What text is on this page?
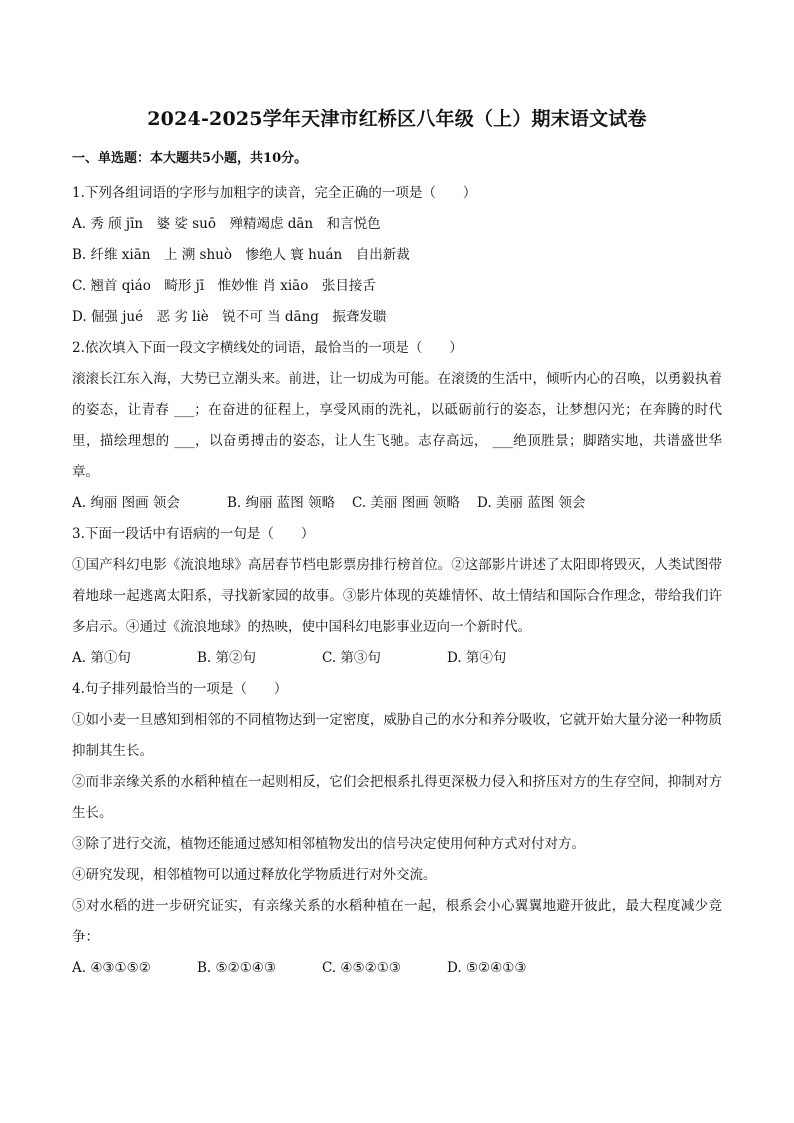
2024-2025学年天津市红桥区八年级（上）期末语文试卷
一、单选题：本大题共5小题，共10分。

1.下列各组词语的字形与加粗字的读音，完全正确的一项是（　　）

A. 秀 颀 jīn　婆 娑 suō　殚精竭虑 dān　和言悦色

B. 纤维 xiān　上 溯 shuò　惨绝人 寰 huán　自出新裁

C. 翘首 qiáo　畸形 jī　惟妙惟 肖 xiāo　张目接舌

D. 倔强 jué　恶 劣 liè　锐不可 当 dāng　振聋发聩

2.依次填入下面一段文字横线处的词语，最恰当的一项是（　　）

滚滚长江东入海，大势已立潮头来。前进，让一切成为可能。在滚烫的生活中，倾听内心的召唤，以勇毅执着的姿态，让青春 ___；在奋进的征程上，享受风雨的洗礼，以砥砺前行的姿态，让梦想闪光；在奔腾的时代里，描绘理想的 ___，以奋勇搏击的姿态，让人生飞驰。志存高远， ___绝顶胜景；脚踏实地，共谱盛世华章。

A. 绚丽 图画 领会	B. 绚丽 蓝图 领略	C. 美丽 图画 领略	D. 美丽 蓝图 领会

3.下面一段话中有语病的一句是（　　）

①国产科幻电影《流浪地球》高居春节档电影票房排行榜首位。②这部影片讲述了太阳即将毁灭，人类试图带着地球一起逃离太阳系，寻找新家园的故事。③影片体现的英雄情怀、故土情结和国际合作理念，带给我们许多启示。④通过《流浪地球》的热映，使中国科幻电影事业迈向一个新时代。

A. 第①句	B. 第②句	C. 第③句	D. 第④句

4.句子排列最恰当的一项是（　　）

①如小麦一旦感知到相邻的不同植物达到一定密度，威胁自己的水分和养分吸收，它就开始大量分泌一种物质抑制其生长。

②而非亲缘关系的水稻种植在一起则相反，它们会把根系扎得更深极力侵入和挤压对方的生存空间，抑制对方生长。

③除了进行交流，植物还能通过感知相邻植物发出的信号决定使用何种方式对付对方。

④研究发现，相邻植物可以通过释放化学物质进行对外交流。

⑤对水稻的进一步研究证实，有亲缘关系的水稻种植在一起，根系会小心翼翼地避开彼此，最大程度减少竞争：

A. ④③①⑤②	B. ⑤②①④③	C. ④⑤②①③	D. ⑤②④①③
